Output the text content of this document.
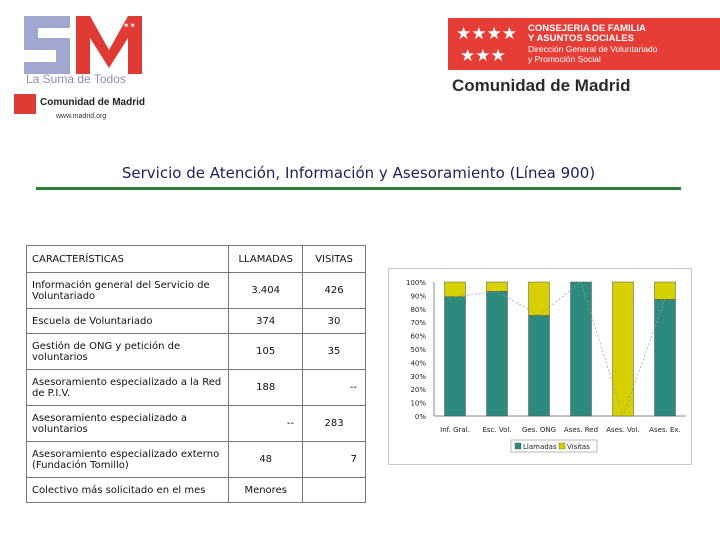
✶✶✶
La Suma de Todos
Comunidad de Madrid
www.madrid.org
★★★★
★★★
CONSEJERIA DE FAMILIA
Y ASUNTOS SOCIALES
Dirección General de Voluntariado
y Promoción Social
Comunidad de Madrid
Servicio de Atención, Información y Asesoramiento (Línea 900)
CARACTERÍSTICAS	LLAMADAS	VISITAS
Información general del Servicio de Voluntariado	3.404	426
Escuela de Voluntariado	374	30
Gestión de ONG y petición de voluntarios	105	35
Asesoramiento especializado a la Red de P.I.V.	188	--
Asesoramiento especializado a voluntarios	--	283
Asesoramiento especializado externo (Fundación Tomillo)	48	7
Colectivo más solicitado en el mes	Menores	
0%
10%
20%
30%
40%
50%
60%
70%
80%
90%
100%
Inf. Gral. Esc. Vol. Ges. ONG Ases. Red Ases. Vol. Ases. Ex.
Llamadas Visitas
